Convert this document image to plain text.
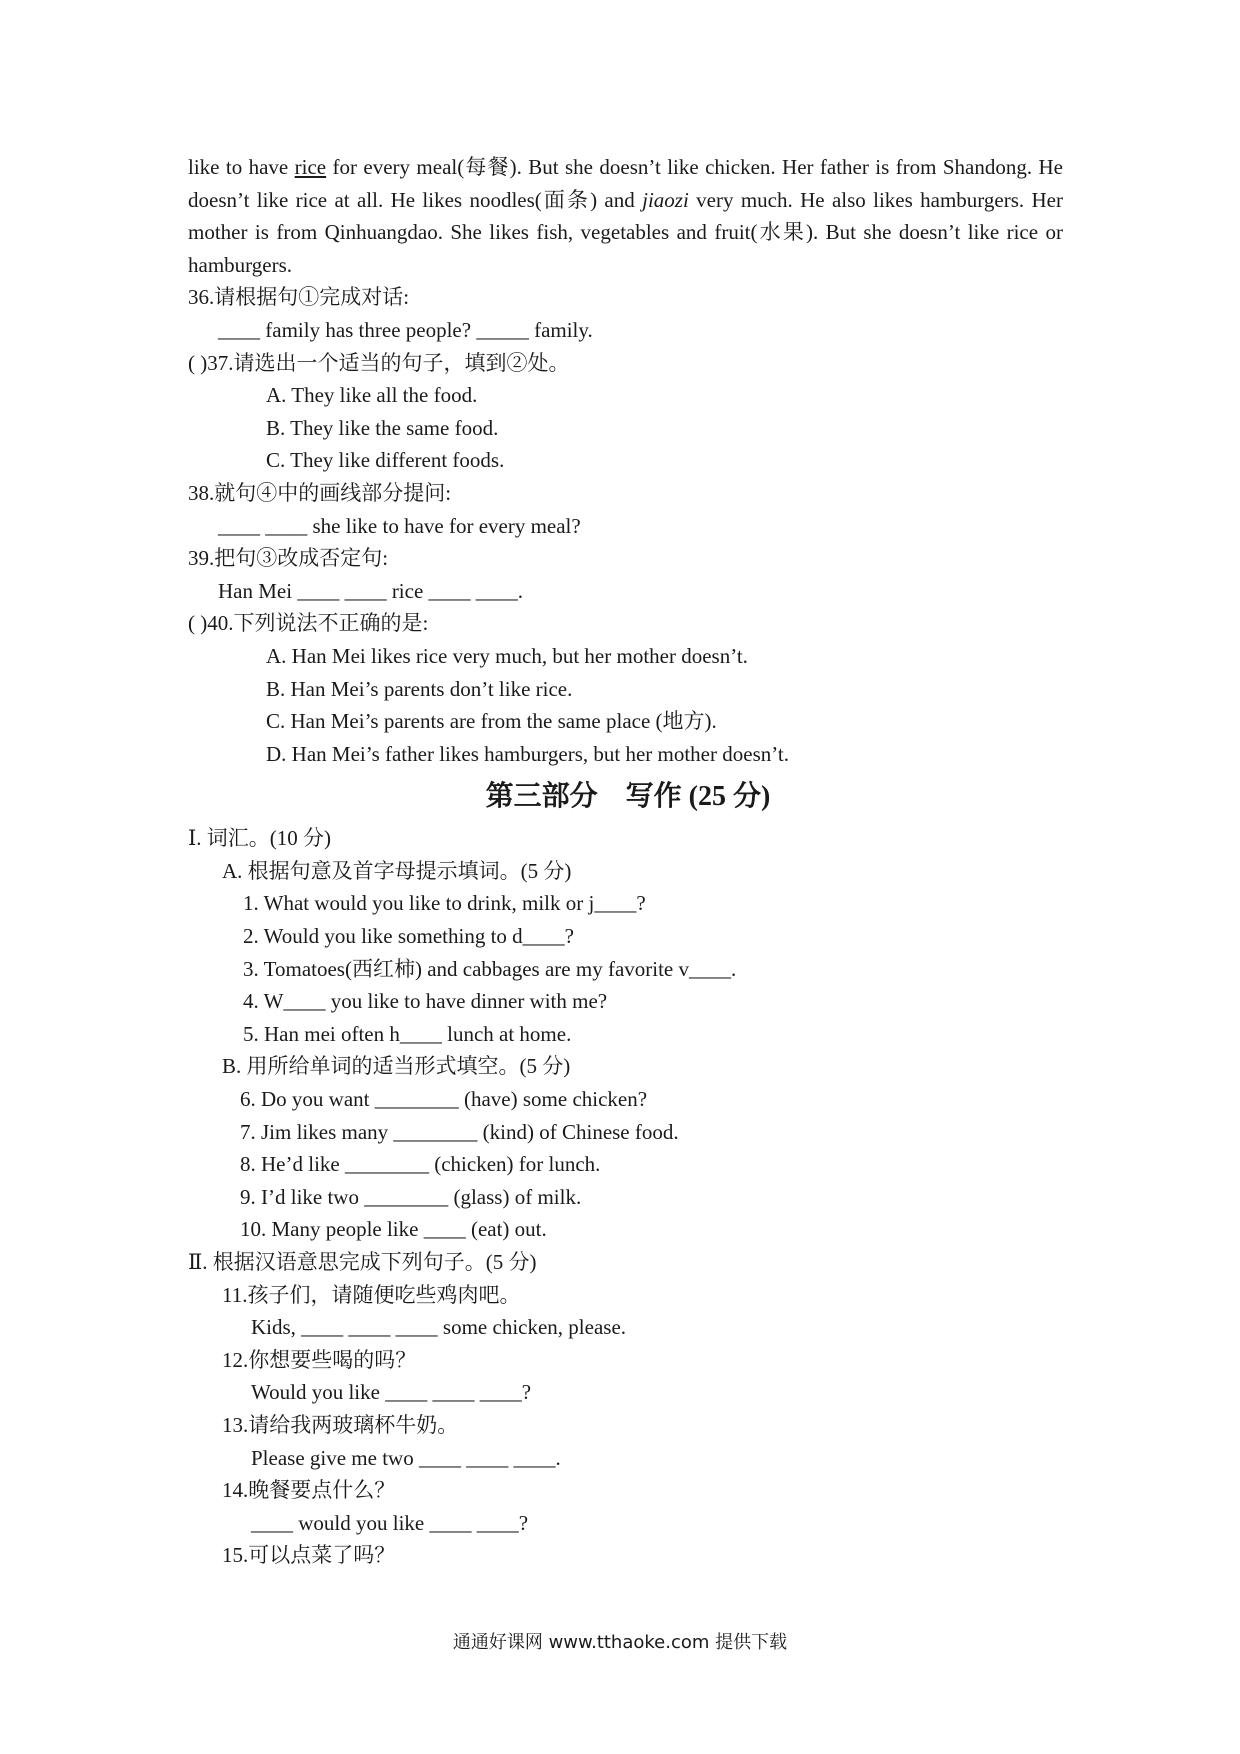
like to have rice for every meal(每餐). But she doesn’t like chicken. Her father is from Shandong. He doesn’t like rice at all. He likes noodles(面条) and jiaozi very much. He also likes hamburgers. Her mother is from Qinhuangdao. She likes fish, vegetables and fruit(水果). But she doesn’t like rice or hamburgers.
36.请根据句①完成对话:
____ family has three people? _____ family.
( )37.请选出一个适当的句子，填到②处。
A. They like all the food.
B. They like the same food.
C. They like different foods.
38.就句④中的画线部分提问:
____ ____ she like to have for every meal?
39.把句③改成否定句:
Han Mei ____ ____ rice ____ ____.
( )40.下列说法不正确的是:
A. Han Mei likes rice very much, but her mother doesn’t.
B. Han Mei’s parents don’t like rice.
C. Han Mei’s parents are from the same place (地方).
D. Han Mei’s father likes hamburgers, but her mother doesn’t.
第三部分　写作 (25 分)
Ⅰ. 词汇。(10 分)
A. 根据句意及首字母提示填词。(5 分)
1. What would you like to drink, milk or j____?
2. Would you like something to d____?
3. Tomatoes(西红柿) and cabbages are my favorite v____.
4. W____ you like to have dinner with me?
5. Han mei often h____ lunch at home.
B. 用所给单词的适当形式填空。(5 分)
6. Do you want ________ (have) some chicken?
7. Jim likes many ________ (kind) of Chinese food.
8. He’d like ________ (chicken) for lunch.
9. I’d like two ________ (glass) of milk.
10. Many people like ____ (eat) out.
Ⅱ. 根据汉语意思完成下列句子。(5 分)
11.孩子们，请随便吃些鸡肉吧。
Kids, ____ ____ ____ some chicken, please.
12.你想要些喝的吗？
Would you like ____ ____ ____?
13.请给我两玻璃杯牛奶。
Please give me two ____ ____ ____.
14.晚餐要点什么？
____ would you like ____ ____?
15.可以点菜了吗？
通通好课网 www.tthaoke.com 提供下载
